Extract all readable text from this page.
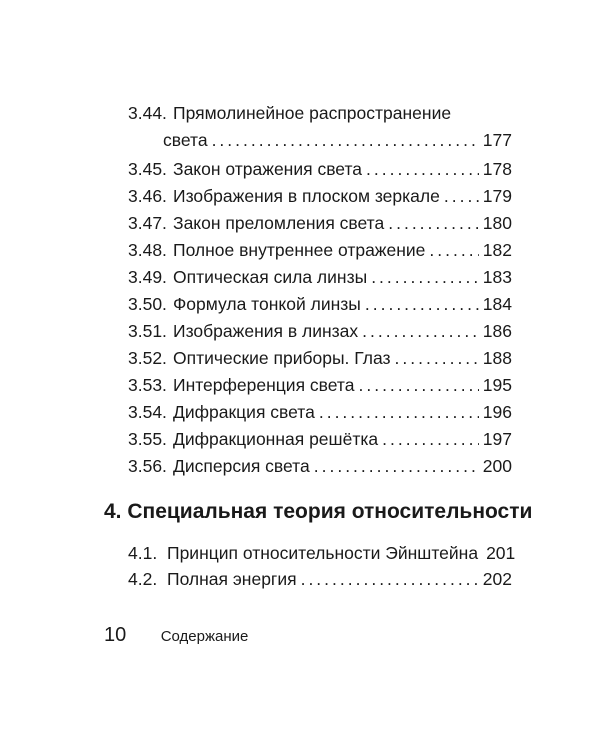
3.44. Прямолинейное распространение
света .....	177
3.45. Закон отражения света .....	178
3.46. Изображения в плоском зеркале ..... 179
3.47. Закон преломления света .....	180
3.48. Полное внутреннее отражение .....	182
3.49. Оптическая сила линзы .....	183
3.50. Формула тонкой линзы .....	184
3.51. Изображения в линзах .....	186
3.52. Оптические приборы. Глаз .....	188
3.53. Интерференция света .....	195
3.54. Дифракция света .....	196
3.55. Дифракционная решётка .....	197
3.56. Дисперсия света .....	200
4. Специальная теория относительности
4.1. Принцип относительности Эйнштейна 201
4.2. Полная энергия .....	202
10 Содержание
